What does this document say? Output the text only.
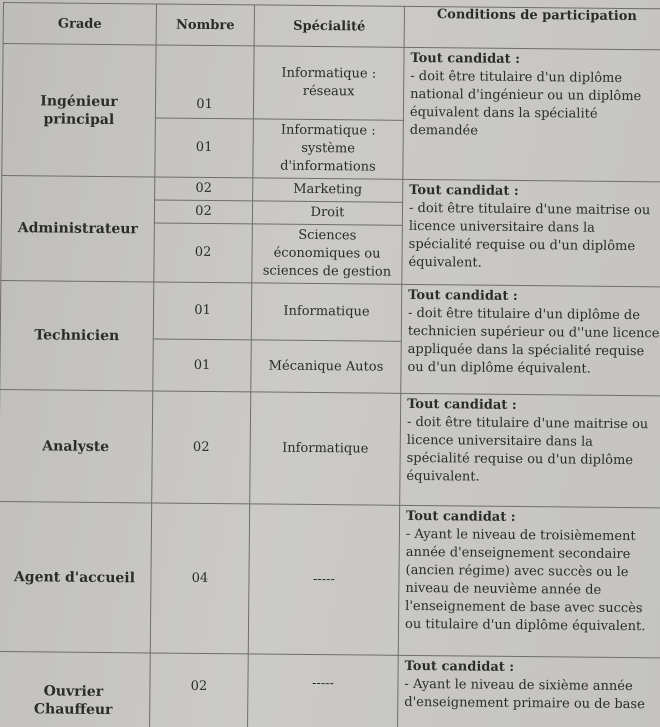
Grade	Nombre	Spécialité	Conditions de participation
Ingénieur principal	01	Informatique : réseaux	Tout candidat :
- doit être titulaire d'un diplôme national d'ingénieur ou un diplôme équivalent dans la spécialité demandée

	01	Informatique : système d'informations	
Administrateur	02	Marketing	Tout candidat :
- doit être titulaire d'une maitrise ou licence universitaire dans la spécialité requise ou d'un diplôme équivalent.

	02	Droit	
	02	Sciences économiques ou sciences de gestion	
Technicien	01	Informatique	Tout candidat :
- doit être titulaire d'un diplôme de technicien supérieur ou d''une licence appliquée dans la spécialité requise ou d'un diplôme équivalent.

	01	Mécanique Autos	
Analyste	02	Informatique	Tout candidat :
- doit être titulaire d'une maitrise ou licence universitaire dans la spécialité requise ou d'un diplôme équivalent.

Agent d'accueil	04	-----	Tout candidat :
- Ayant le niveau de troisièmement année d'enseignement secondaire (ancien régime) avec succès ou le niveau de neuvième année de l'enseignement de base avec succès ou titulaire d'un diplôme équivalent.

Ouvrier Chauffeur	02	-----	Tout candidat :
- Ayant le niveau de sixième année d'enseignement primaire ou de base
